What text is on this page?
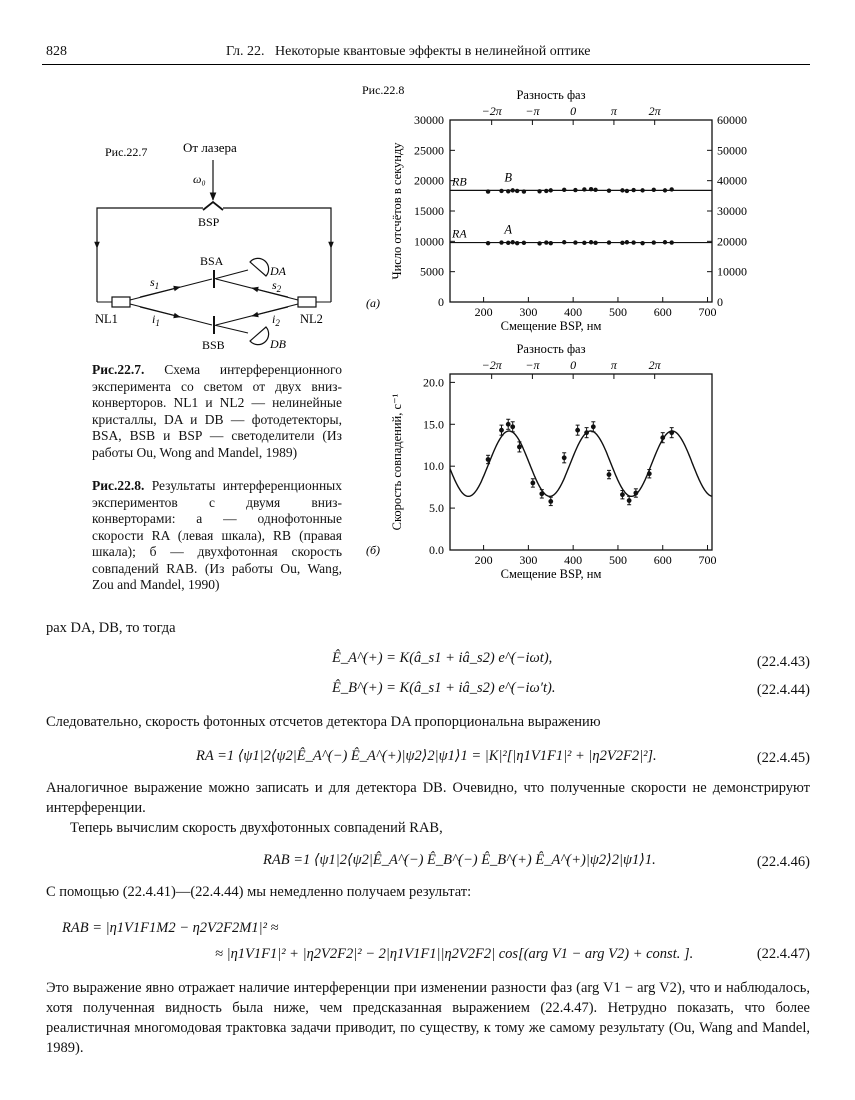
828	Гл. 22.   Некоторые квантовые эффекты в нелинейной оптике
Рис.22.7	От лазера
ω₀
BSP
NL1	NL2
$s_1$	$s_2$
$i_1$	$i_2$
BSA
BSB
DA
DB
Рис.22.7. Схема интерференционного эксперимента со светом от двух вниз-конверторов. NL1 и NL2 — нелинейные кристаллы, DA и DB — фотодетекторы, BSA, BSB и BSP — светоделители (Из работы Ou, Wong and Mandel, 1989)
Рис.22.8. Результаты интерференционных экспериментов с двумя вниз- конверторами: а — однофотонные скорости RA (левая шкала), RB (правая шкала); б — двухфотонная скорость совпадений RAB. (Из работы Ou, Wang, Zou and Mandel, 1990)
200 300 400 500 600 700
−2π −π	0	π	2π
Разность фаз
0
5000
10000
15000
20000
25000
30000
0
10000
20000
30000
40000
50000
60000
Смещение BSP, нм
Число отсчётов в секунду
Рис.22.8
(a)
RA	A
RB	B
200 300 400 500 600 700
−2π −π	0	π	2π
Разность фаз
0.0
5.0
10.0
15.0
20.0
Смещение BSP, нм
Скорость совпадений, с⁻¹
(б)
рах DA, DB, то тогда
Ê_A^(+) = K(â_s1 + iâ_s2) e^(−iωt),	(22.4.43)
Ê_B^(+) = K(â_s1 + iâ_s2) e^(−iω′t).	(22.4.44)
Следовательно, скорость фотонных отсчетов детектора DA пропорциональна выражению
RA =1 ⟨ψ1|2⟨ψ2|Ê_A^(−) Ê_A^(+)|ψ2⟩2|ψ1⟩1 = |K|²[|η1V1F1|² + |η2V2F2|²].	(22.4.45)
Аналогичное выражение можно записать и для детектора DB. Очевидно, что полученные скорости не демонстрируют интерференции.
Теперь вычислим скорость двухфотонных совпадений RAB,
RAB =1 ⟨ψ1|2⟨ψ2|Ê_A^(−) Ê_B^(−) Ê_B^(+) Ê_A^(+)|ψ2⟩2|ψ1⟩1.	(22.4.46)
С помощью (22.4.41)—(22.4.44) мы немедленно получаем результат:
RAB = |η1V1F1M2 − η2V2F2M1|² ≈
≈ |η1V1F1|² + |η2V2F2|² − 2|η1V1F1||η2V2F2| cos[(arg V1 − arg V2) + const. ].	(22.4.47)
Это выражение явно отражает наличие интерференции при изменении разности фаз (arg V1 − arg V2), что и наблюдалось, хотя полученная видность была ниже, чем предсказанная выражением (22.4.47). Нетрудно показать, что более реалистичная многомодовая трактовка задачи приводит, по существу, к тому же самому результату (Ou, Wang and Mandel, 1989).
